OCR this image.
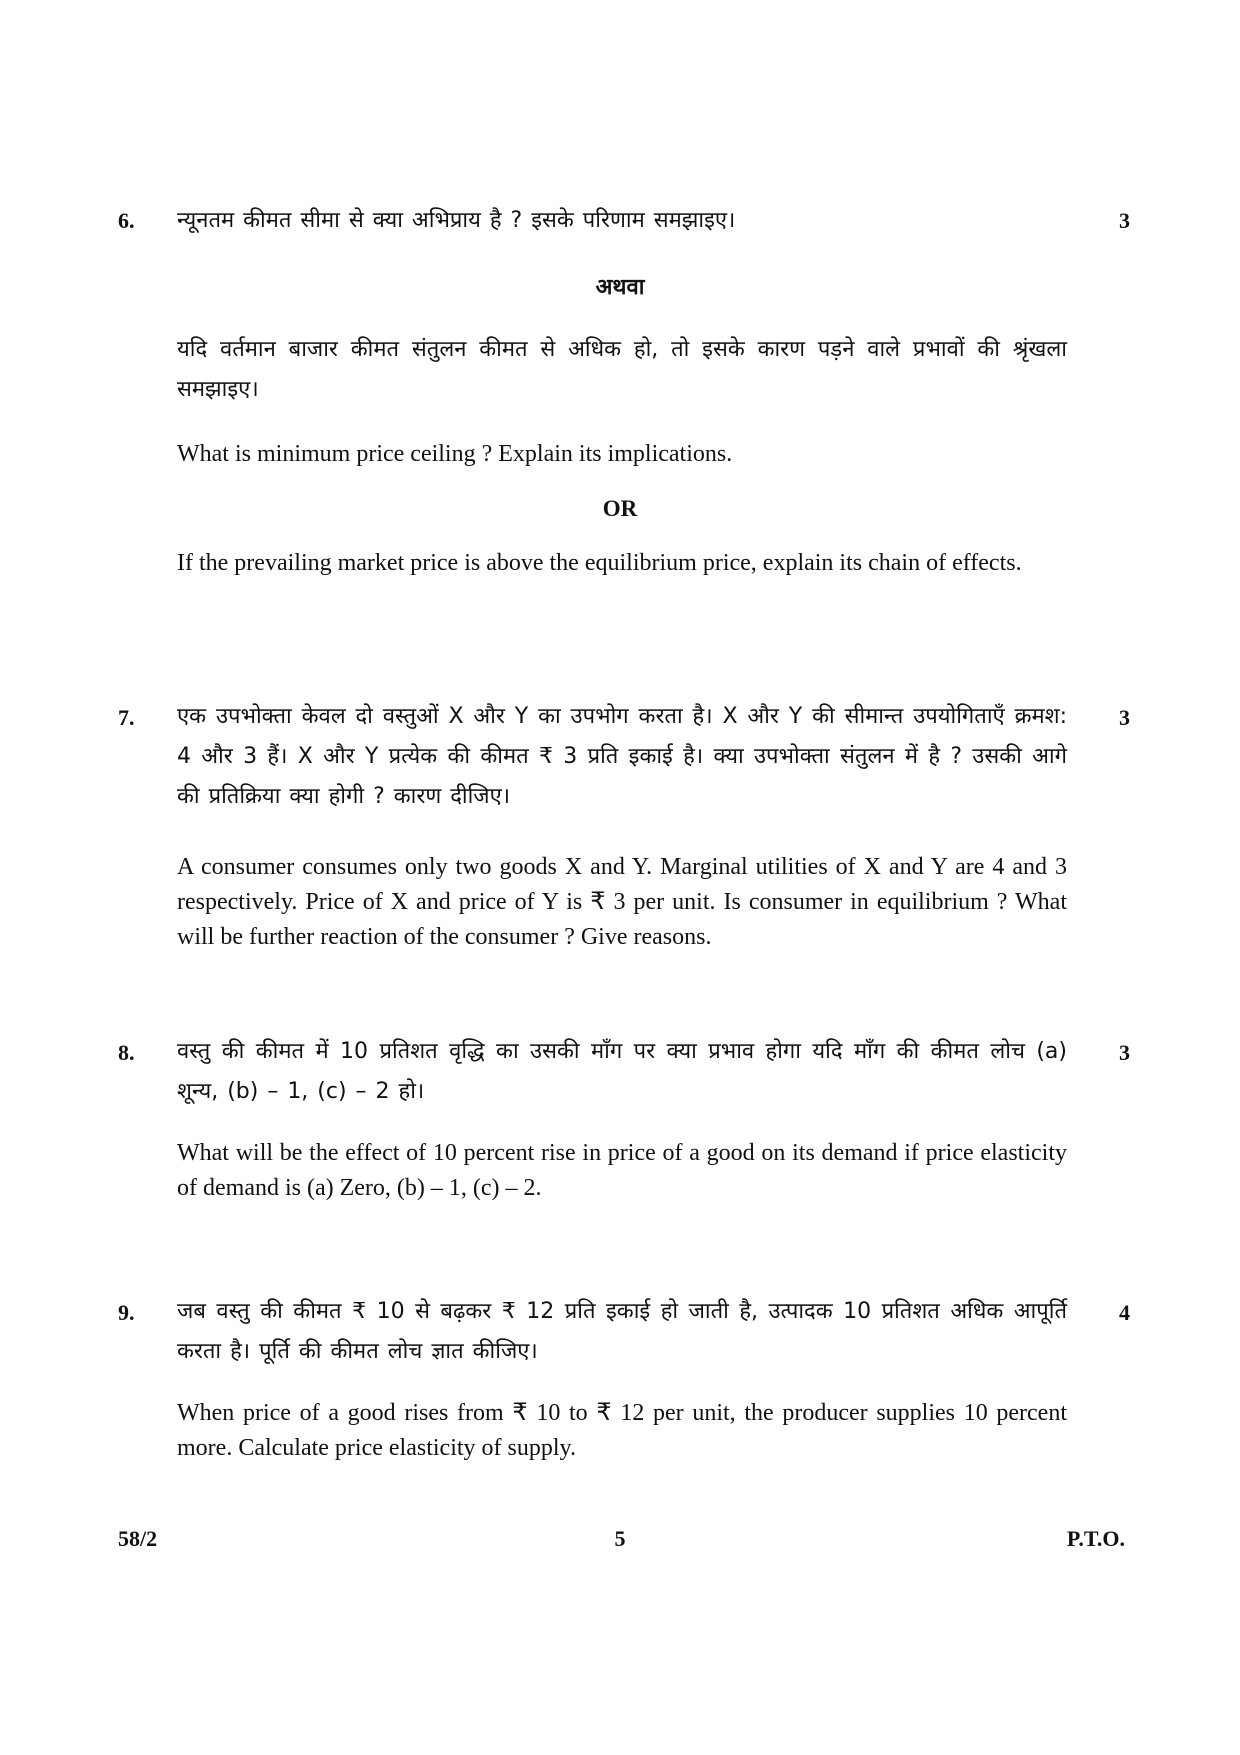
6.	3
न्यूनतम कीमत सीमा से क्या अभिप्राय है ? इसके परिणाम समझाइए।
अथवा
यदि वर्तमान बाजार कीमत संतुलन कीमत से अधिक हो, तो इसके कारण पड़ने वाले प्रभावों की श्रृंखला समझाइए।
What is minimum price ceiling ? Explain its implications.
OR
If the prevailing market price is above the equilibrium price, explain its chain of effects.
7.	3
एक उपभोक्ता केवल दो वस्तुओं X और Y का उपभोग करता है। X और Y की सीमान्त उपयोगिताएँ क्रमश: 4 और 3 हैं। X और Y प्रत्येक की कीमत ₹ 3 प्रति इकाई है। क्या उपभोक्ता संतुलन में है ? उसकी आगे की प्रतिक्रिया क्या होगी ? कारण दीजिए।
A consumer consumes only two goods X and Y. Marginal utilities of X and Y are 4 and 3 respectively. Price of X and price of Y is ₹ 3 per unit. Is consumer in equilibrium ? What will be further reaction of the consumer ? Give reasons.
8.	3
वस्तु की कीमत में 10 प्रतिशत वृद्धि का उसकी माँग पर क्या प्रभाव होगा यदि माँग की कीमत लोच (a) शून्य, (b) – 1, (c) – 2 हो।
What will be the effect of 10 percent rise in price of a good on its demand if price elasticity of demand is (a) Zero, (b) – 1, (c) – 2.
9.	4
जब वस्तु की कीमत ₹ 10 से बढ़कर ₹ 12 प्रति इकाई हो जाती है, उत्पादक 10 प्रतिशत अधिक आपूर्ति करता है। पूर्ति की कीमत लोच ज्ञात कीजिए।
When price of a good rises from ₹ 10 to ₹ 12 per unit, the producer supplies 10 percent more. Calculate price elasticity of supply.
58/2	5	P.T.O.
